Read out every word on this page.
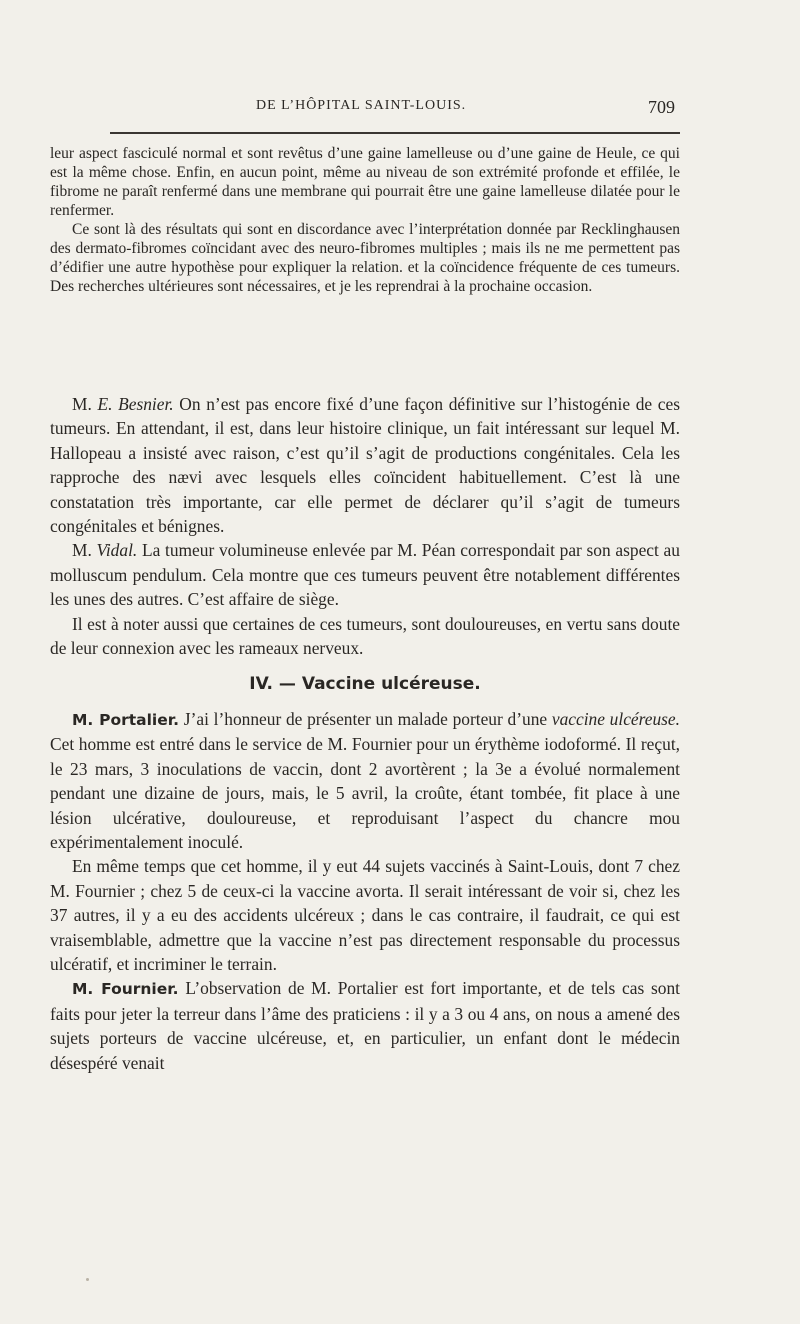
DE L’HÔPITAL SAINT-LOUIS.	709

leur aspect fasciculé normal et sont revêtus d’une gaine lamelleuse ou d’une gaine de Heule, ce qui est la même chose. Enfin, en aucun point, même au niveau de son extrémité profonde et effilée, le fibrome ne paraît renfermé dans une membrane qui pourrait être une gaine lamelleuse dilatée pour le renfermer.

Ce sont là des résultats qui sont en discordance avec l’interprétation donnée par Recklinghausen des dermato-fibromes coïncidant avec des neuro-fibromes multiples ; mais ils ne me permettent pas d’édifier une autre hypothèse pour expliquer la relation. et la coïncidence fréquente de ces tumeurs. Des recherches ultérieures sont nécessaires, et je les reprendrai à la prochaine occasion.

M. E. Besnier. On n’est pas encore fixé d’une façon définitive sur l’histogénie de ces tumeurs. En attendant, il est, dans leur histoire clinique, un fait intéressant sur lequel M. Hallopeau a insisté avec raison, c’est qu’il s’agit de productions congénitales. Cela les rapproche des nævi avec lesquels elles coïncident habituellement. C’est là une constatation très importante, car elle permet de déclarer qu’il s’agit de tumeurs congénitales et bénignes.

M. Vidal. La tumeur volumineuse enlevée par M. Péan correspondait par son aspect au molluscum pendulum. Cela montre que ces tumeurs peuvent être notablement différentes les unes des autres. C’est affaire de siège.

Il est à noter aussi que certaines de ces tumeurs, sont douloureuses, en vertu sans doute de leur connexion avec les rameaux nerveux.

IV. — Vaccine ulcéreuse.

M. Portalier. J’ai l’honneur de présenter un malade porteur d’une vaccine ulcéreuse. Cet homme est entré dans le service de M. Fournier pour un érythème iodoformé. Il reçut, le 23 mars, 3 inoculations de vaccin, dont 2 avortèrent ; la 3e a évolué normalement pendant une dizaine de jours, mais, le 5 avril, la croûte, étant tombée, fit place à une lésion ulcérative, douloureuse, et reproduisant l’aspect du chancre mou expérimentalement inoculé.

En même temps que cet homme, il y eut 44 sujets vaccinés à Saint-Louis, dont 7 chez M. Fournier ; chez 5 de ceux-ci la vaccine avorta. Il serait intéressant de voir si, chez les 37 autres, il y a eu des accidents ulcéreux ; dans le cas contraire, il faudrait, ce qui est vraisemblable, admettre que la vaccine n’est pas directement responsable du processus ulcératif, et incriminer le terrain.

M. Fournier. L’observation de M. Portalier est fort importante, et de tels cas sont faits pour jeter la terreur dans l’âme des praticiens : il y a 3 ou 4 ans, on nous a amené des sujets porteurs de vaccine ulcéreuse, et, en particulier, un enfant dont le médecin désespéré venait
